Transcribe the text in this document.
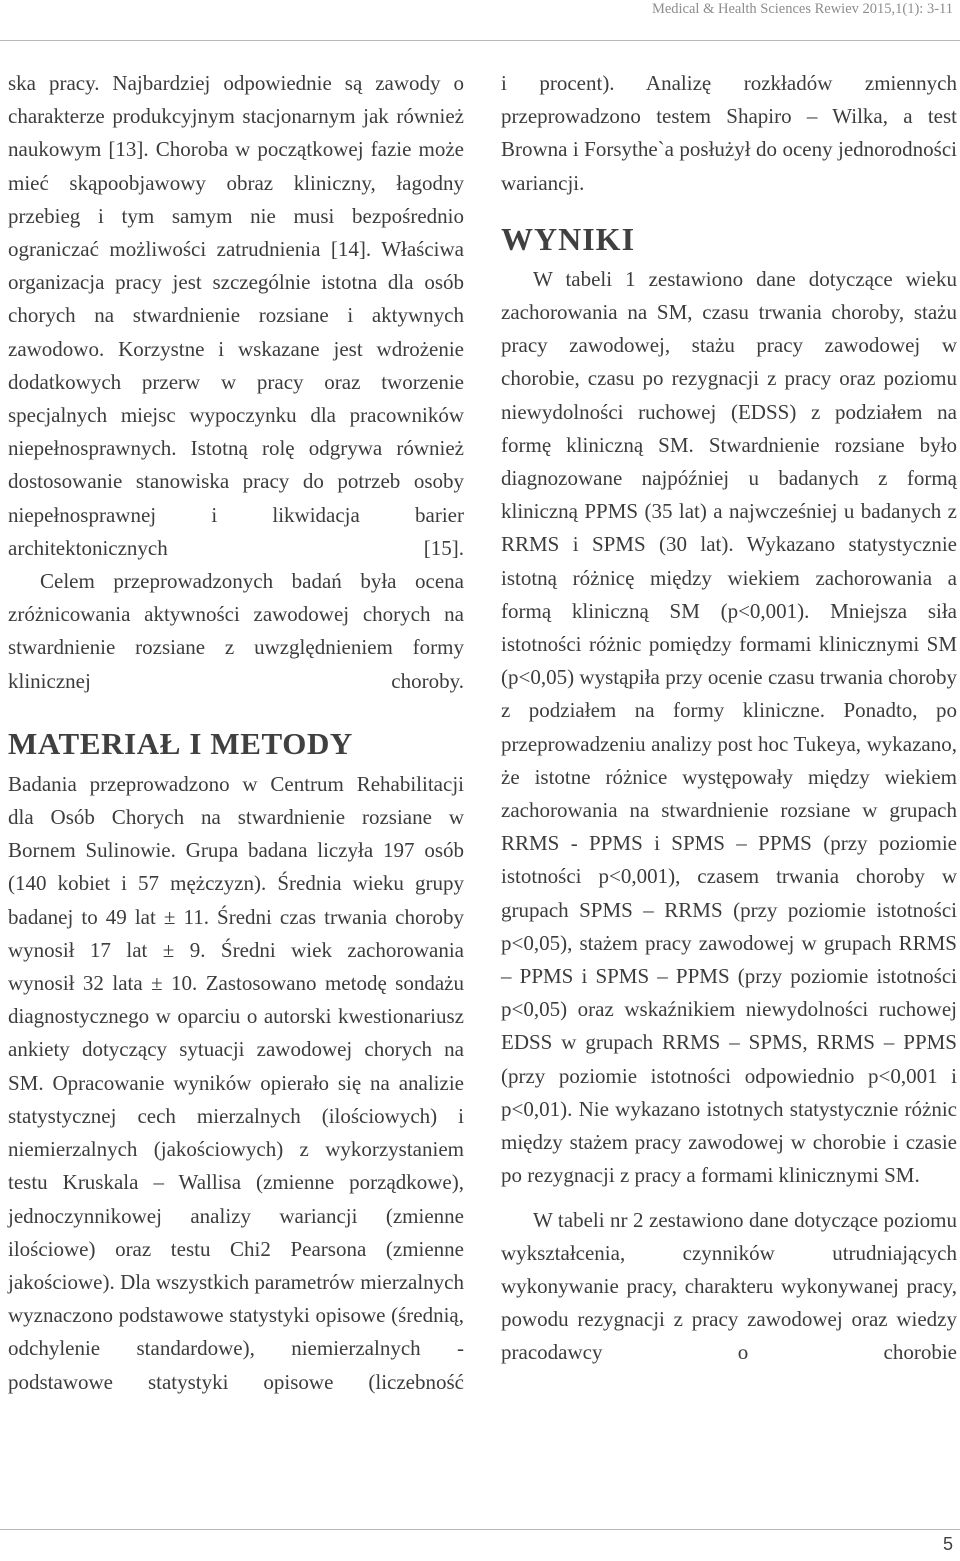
Medical & Health Sciences Rewiev 2015,1(1): 3-11

ska pracy. Najbardziej odpowiednie są zawody o charakterze produkcyjnym stacjonarnym jak również naukowym [13]. Choroba w początkowej fazie może mieć skąpoobjawowy obraz kliniczny, łagodny przebieg i tym samym nie musi bezpośrednio ograniczać możliwości zatrudnienia [14]. Właściwa organizacja pracy jest szczególnie istotna dla osób chorych na stwardnienie rozsiane i aktywnych zawodowo. Korzystne i wskazane jest wdrożenie dodatkowych przerw w pracy oraz tworzenie specjalnych miejsc wypoczynku dla pracowników niepełnosprawnych. Istotną rolę odgrywa również dostosowanie stanowiska pracy do potrzeb osoby niepełnosprawnej i likwidacja barier architektonicznych [15].

Celem przeprowadzonych badań była ocena zróżnicowania aktywności zawodowej chorych na stwardnienie rozsiane z uwzględnieniem formy klinicznej choroby.

MATERIAŁ I METODY

Badania przeprowadzono w Centrum Rehabilitacji dla Osób Chorych na stwardnienie rozsiane w Bornem Sulinowie. Grupa badana liczyła 197 osób (140 kobiet i 57 mężczyzn). Średnia wieku grupy badanej to 49 lat ± 11. Średni czas trwania choroby wynosił 17 lat ± 9. Średni wiek zachorowania wynosił 32 lata ± 10. Zastosowano metodę sondażu diagnostycznego w oparciu o autorski kwestionariusz ankiety dotyczący sytuacji zawodowej chorych na SM. Opracowanie wyników opierało się na analizie statystycznej cech mierzalnych (ilościowych) i niemierzalnych (jakościowych) z wykorzystaniem testu Kruskala – Wallisa (zmienne porządkowe), jednoczynnikowej analizy wariancji (zmienne ilościowe) oraz testu Chi2 Pearsona (zmienne jakościowe). Dla wszystkich parametrów mierzalnych wyznaczono podstawowe statystyki opisowe (średnią, odchylenie standardowe), niemierzalnych - podstawowe statystyki opisowe (liczebność

i procent). Analizę rozkładów zmiennych przeprowadzono testem Shapiro – Wilka, a test Browna i Forsythe`a posłużył do oceny jednorodności wariancji.

WYNIKI

W tabeli 1 zestawiono dane dotyczące wieku zachorowania na SM, czasu trwania choroby, stażu pracy zawodowej, stażu pracy zawodowej w chorobie, czasu po rezygnacji z pracy oraz poziomu niewydolności ruchowej (EDSS) z podziałem na formę kliniczną SM. Stwardnienie rozsiane było diagnozowane najpóźniej u badanych z formą kliniczną PPMS (35 lat) a najwcześniej u badanych z RRMS i SPMS (30 lat). Wykazano statystycznie istotną różnicę między wiekiem zachorowania a formą kliniczną SM (p<0,001). Mniejsza siła istotności różnic pomiędzy formami klinicznymi SM (p<0,05) wystąpiła przy ocenie czasu trwania choroby z podziałem na formy kliniczne. Ponadto, po przeprowadzeniu analizy post hoc Tukeya, wykazano, że istotne różnice występowały między wiekiem zachorowania na stwardnienie rozsiane w grupach RRMS - PPMS i SPMS – PPMS (przy poziomie istotności p<0,001), czasem trwania choroby w grupach SPMS – RRMS (przy poziomie istotności p<0,05), stażem pracy zawodowej w grupach RRMS – PPMS i SPMS – PPMS (przy poziomie istotności p<0,05) oraz wskaźnikiem niewydolności ruchowej EDSS w grupach RRMS – SPMS, RRMS – PPMS (przy poziomie istotności odpowiednio p<0,001 i p<0,01). Nie wykazano istotnych statystycznie różnic między stażem pracy zawodowej w chorobie i czasie po rezygnacji z pracy a formami klinicznymi SM.

W tabeli nr 2 zestawiono dane dotyczące poziomu wykształcenia, czynników utrudniających wykonywanie pracy, charakteru wykonywanej pracy, powodu rezygnacji z pracy zawodowej oraz wiedzy pracodawcy o chorobie

5
